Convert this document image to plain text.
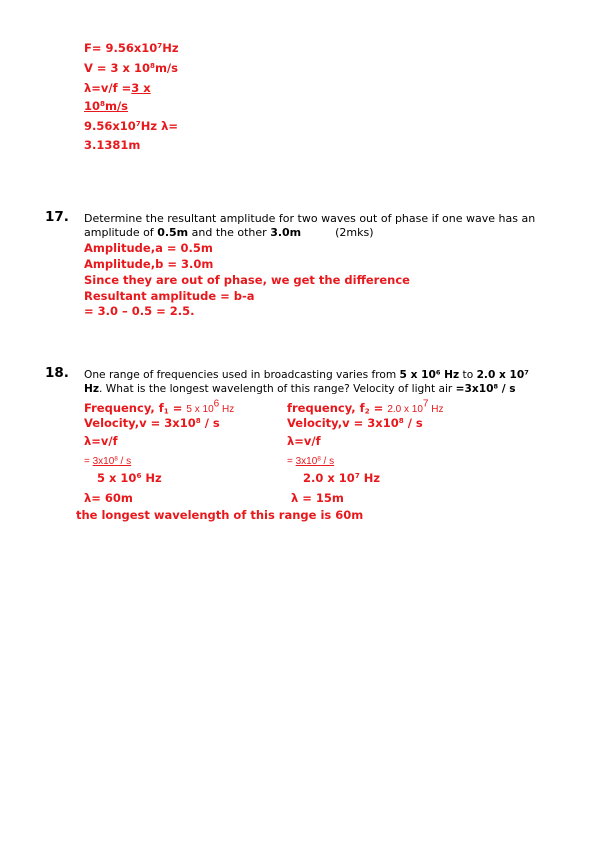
$F= 9.56x10^7Hz$
V = 3 x $10^8m/s$
λ=v/f =3 x
$10^8m/s$
$9.56x10^7Hz$ λ=
3.1381m
17. Determine the resultant amplitude for two waves out of phase if one wave has an
amplitude of 0.5m and the other 3.0m	(2mks)
Amplitude,a = 0.5m
Amplitude,b = 3.0m
Since they are out of phase, we get the difference
Resultant amplitude = b-a
= 3.0 – 0.5 = 2.5.
18. One range of frequencies used in broadcasting varies from 5 x $10^6$ Hz to 2.0 x $10^7$
Hz. What is the longest wavelength of this range? Velocity of light air $=3x10^8 / s$
Frequency, $f_1 = 5$ x $10^6$ Hz
Velocity,v = $3x10^8$ / s
λ=v/f
= $3x10^8$ / s
5 x $10^6$ Hz
λ= 60m
frequency, $f_2 = 2.0$ x $10^7$ Hz
Velocity,v = $3x10^8$ / s
λ=v/f
= $3x10^8$ / s
2.0 x $10^7$ Hz
λ = 15m
the longest wavelength of this range is 60m
